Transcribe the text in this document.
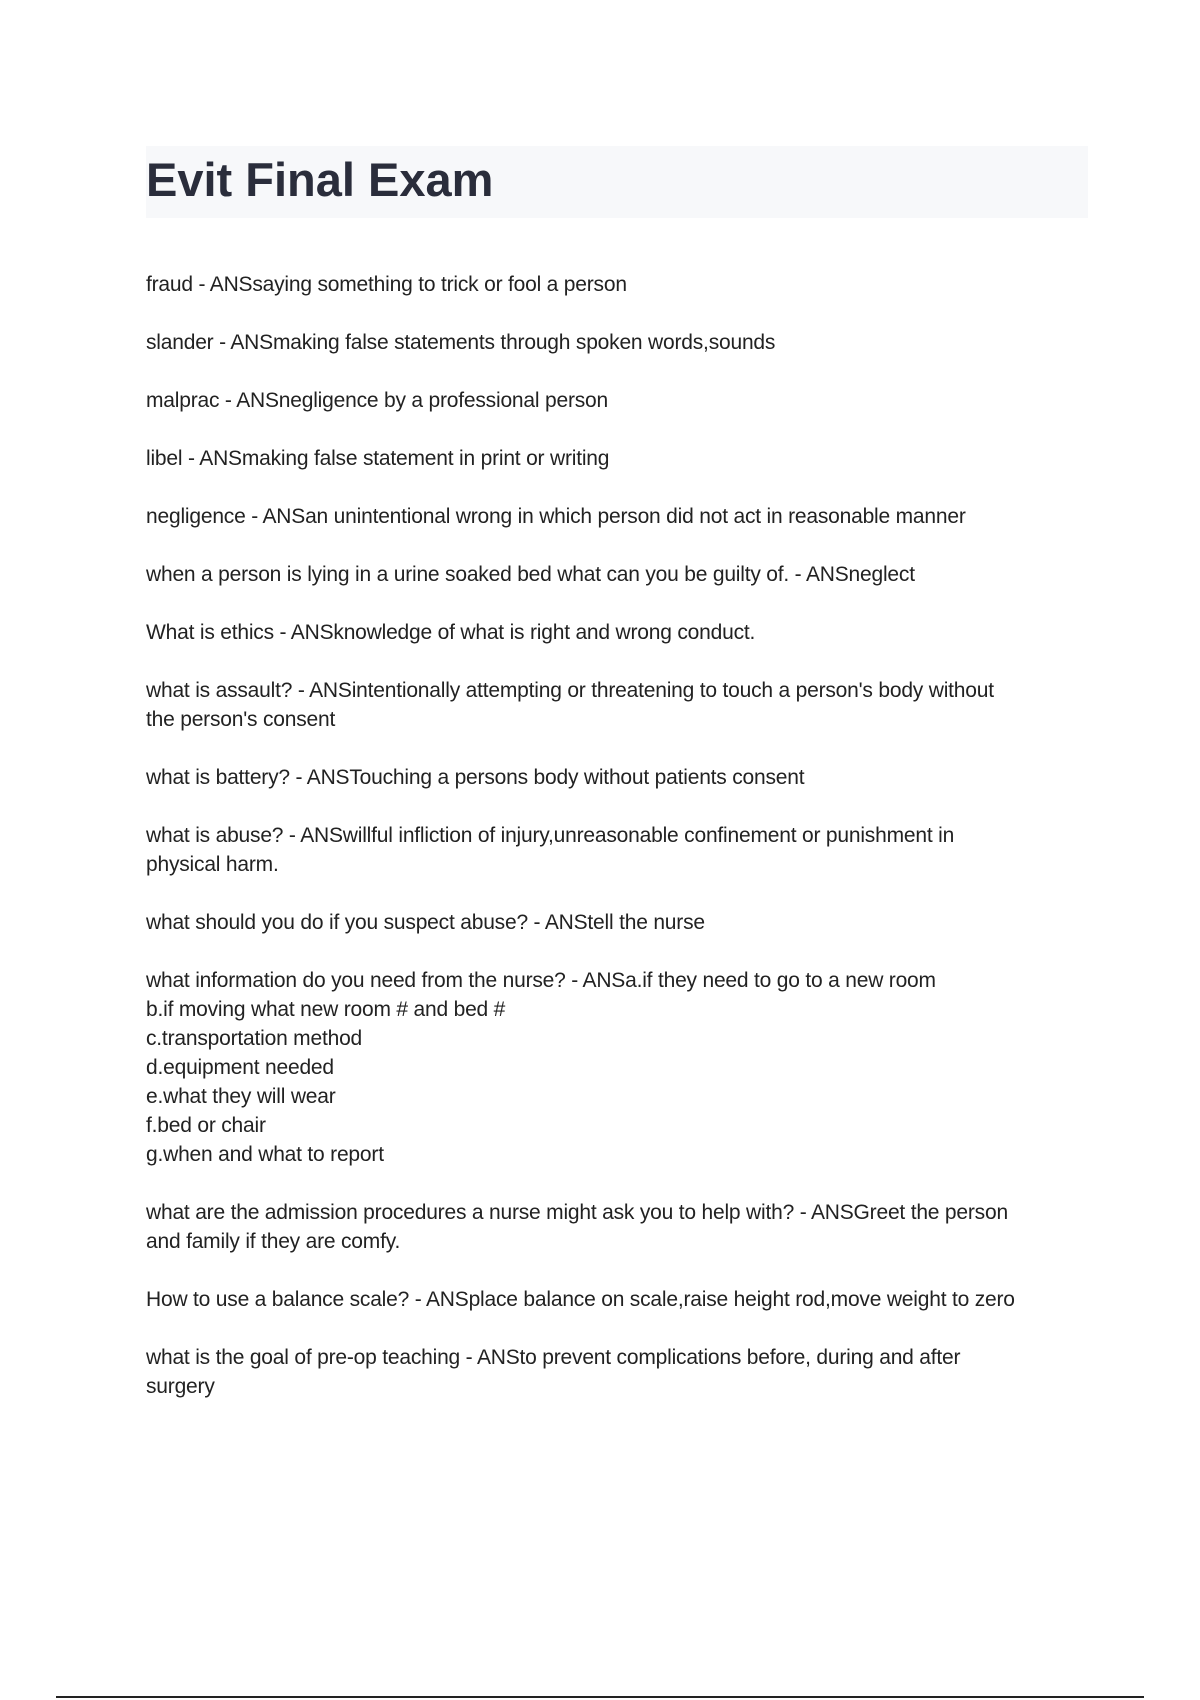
Evit Final Exam
fraud - ANSsaying something to trick or fool a person
slander - ANSmaking false statements through spoken words,sounds
malprac - ANSnegligence by a professional person
libel - ANSmaking false statement in print or writing
negligence - ANSan unintentional wrong in which person did not act in reasonable manner
when a person is lying in a urine soaked bed what can you be guilty of. - ANSneglect
What is ethics - ANSknowledge of what is right and wrong conduct.
what is assault? - ANSintentionally attempting or threatening to touch a person's body without
the person's consent
what is battery? - ANSTouching a persons body without patients consent
what is abuse? - ANSwillful infliction of injury,unreasonable confinement or punishment in
physical harm.
what should you do if you suspect abuse? - ANStell the nurse
what information do you need from the nurse? - ANSa.if they need to go to a new room
b.if moving what new room # and bed #
c.transportation method
d.equipment needed
e.what they will wear
f.bed or chair
g.when and what to report
what are the admission procedures a nurse might ask you to help with? - ANSGreet the person
and family if they are comfy.
How to use a balance scale? - ANSplace balance on scale,raise height rod,move weight to zero
what is the goal of pre-op teaching - ANSto prevent complications before, during and after
surgery
